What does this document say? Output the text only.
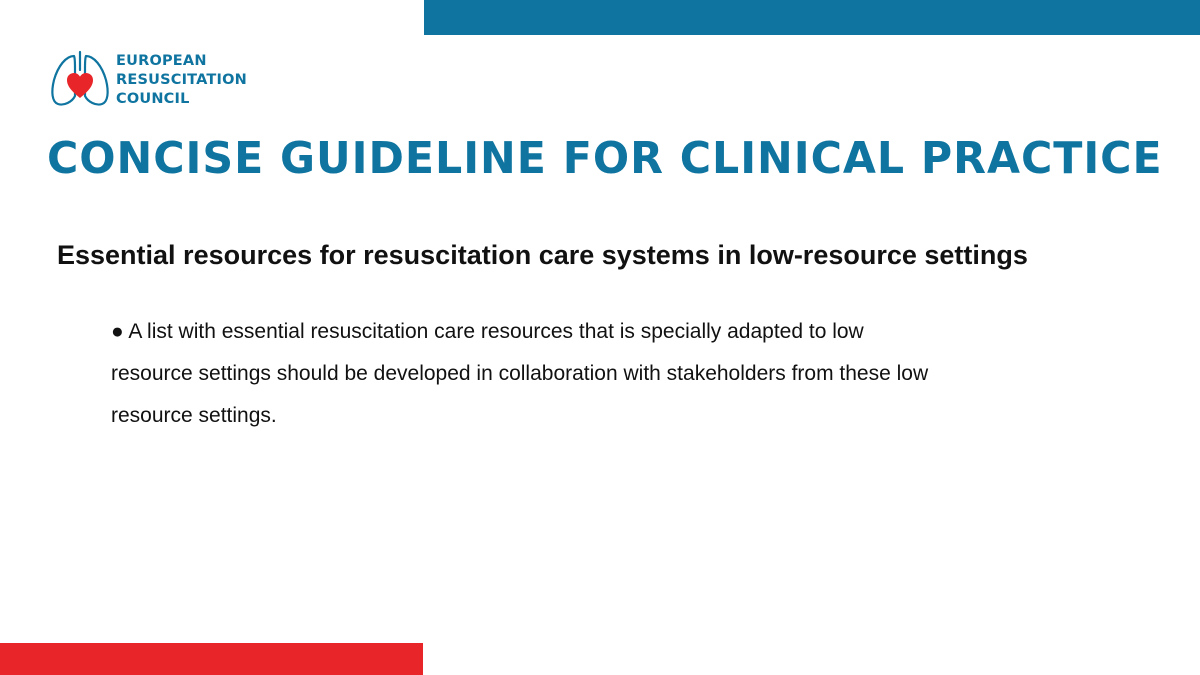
EUROPEAN
RESUSCITATION
COUNCIL
CONCISE GUIDELINE FOR CLINICAL PRACTICE
Essential resources for resuscitation care systems in low-resource settings

● A list with essential resuscitation care resources that is specially adapted to low
resource settings should be developed in collaboration with stakeholders from these low
resource settings.
